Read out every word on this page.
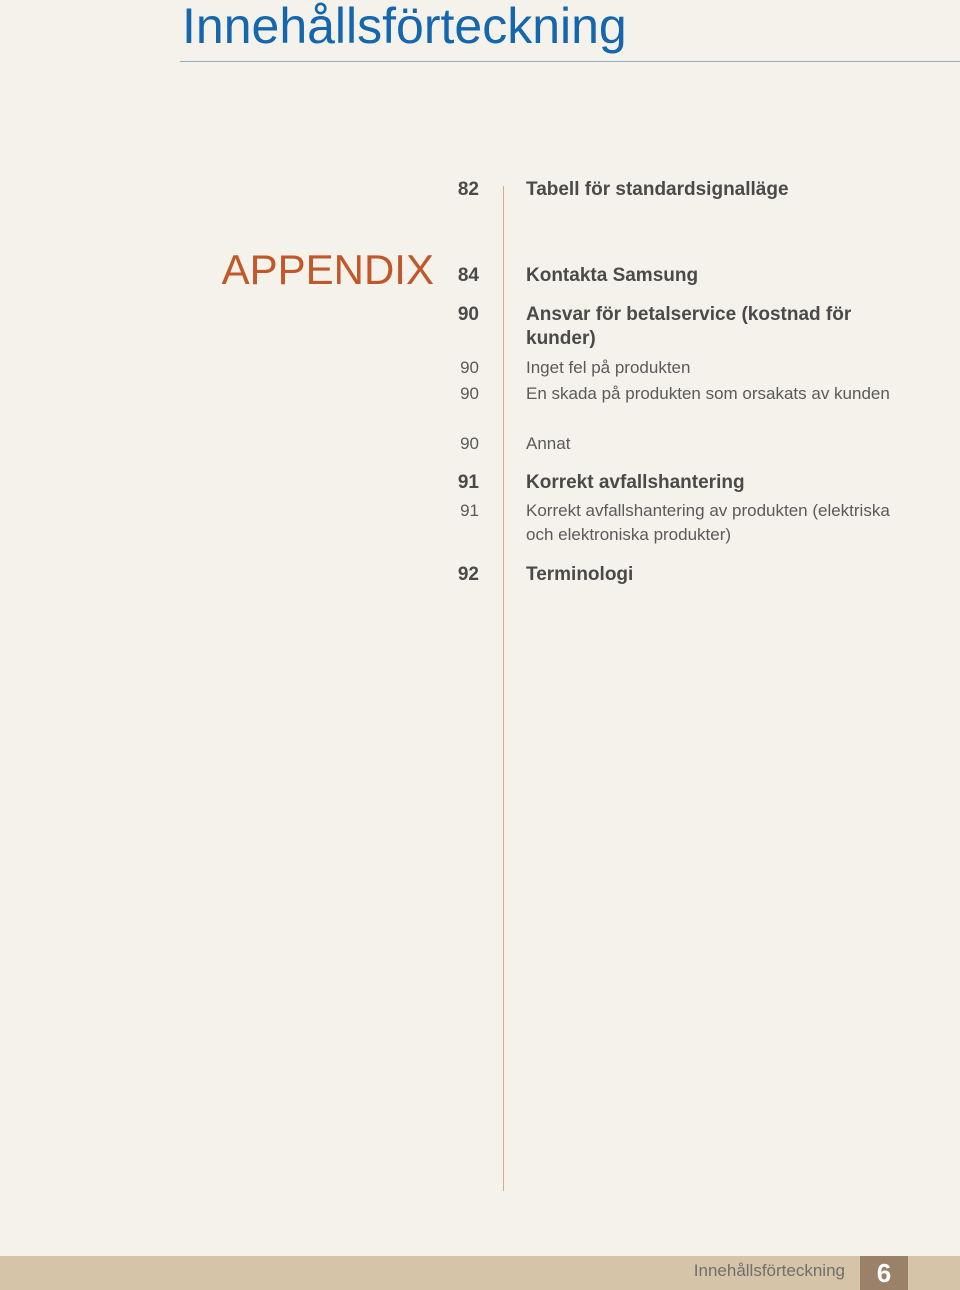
Innehållsförteckning
APPENDIX
82 Tabell för standardsignalläge

84 Kontakta Samsung

90 Ansvar för betalservice (kostnad för kunder)

90	Inget fel på produkten

90	En skada på produkten som orsakats av kunden

90	Annat

91 Korrekt avfallshantering

91	Korrekt avfallshantering av produkten (elektriska och elektroniska produkter)

92 Terminologi

Innehållsförteckning	6
